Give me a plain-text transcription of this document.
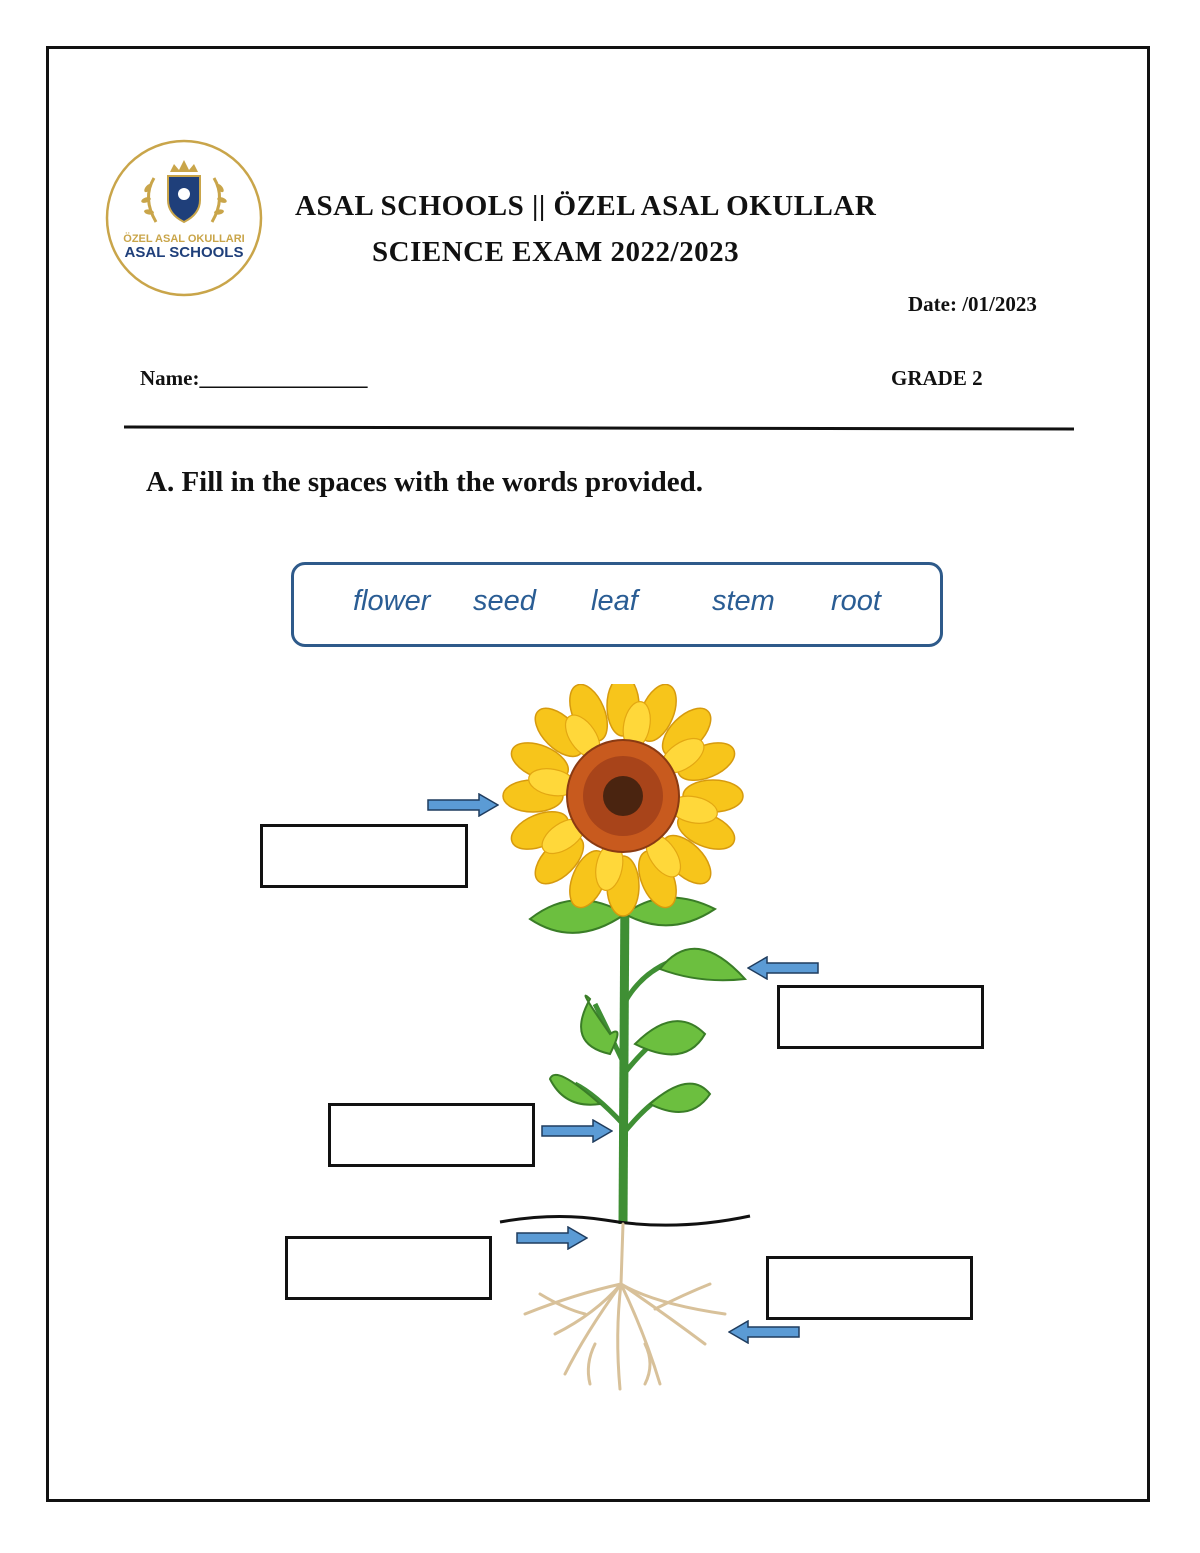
ÖZEL ASAL OKULLARI
ASAL SCHOOLS
ASAL SCHOOLS || ÖZEL ASAL OKULLAR
SCIENCE EXAM 2022/2023
Date: /01/2023
Name:________________	GRADE 2
A. Fill in the spaces with the words provided.
flower seed leaf	stem root
